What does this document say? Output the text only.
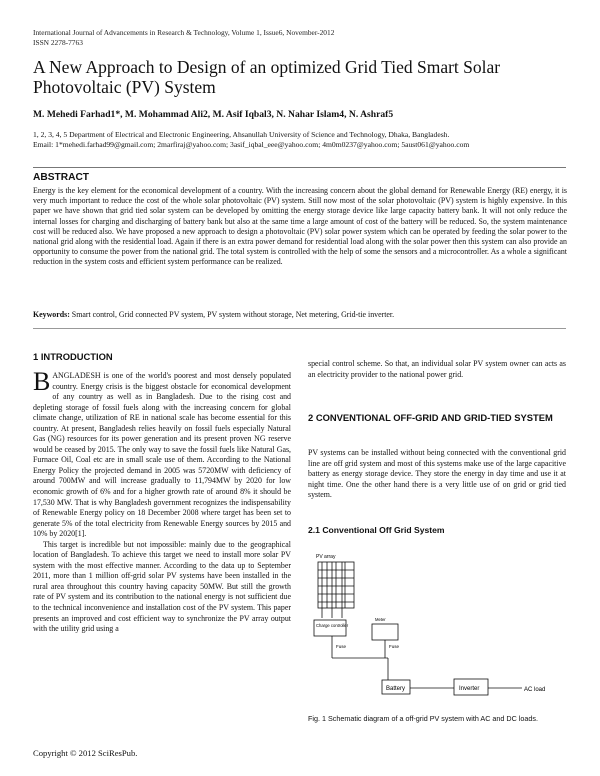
International Journal of Advancements in Research & Technology, Volume 1, Issue6, November-2012
ISSN 2278-7763
A New Approach to Design of an optimized Grid Tied Smart Solar Photovoltaic (PV) System
M. Mehedi Farhad1*, M. Mohammad Ali2, M. Asif Iqbal3, N. Nahar Islam4, N. Ashraf5
1, 2, 3, 4, 5 Department of Electrical and Electronic Engineering, Ahsanullah University of Science and Technology, Dhaka, Bangladesh.
Email: 1*mehedi.farhad99@gmail.com; 2marfiraj@yahoo.com; 3asif_iqbal_eee@yahoo.com; 4m0m0237@yahoo.com; 5aust061@yahoo.com
ABSTRACT
Energy is the key element for the economical development of a country. With the increasing concern about the global demand for Renewable Energy (RE) energy, it is very much important to reduce the cost of the whole solar photovoltaic (PV) system. Still now most of the solar photovoltaic (PV) system is highly expensive. In this paper we have shown that grid tied solar system can be developed by omitting the energy storage device like large capacity battery bank. It will not only reduce the internal losses for charging and discharging of battery bank but also at the same time a large amount of cost of the battery will be reduced. So, the system maintenance cost will be reduced also. We have proposed a new approach to design a photovoltaic (PV) solar power system which can be operated by feeding the solar power to the national grid along with the residential load. Again if there is an extra power demand for residential load along with the solar power then this system can also provide an opportunity to consume the power from the national grid. The total system is controlled with the help of some the sensors and a microcontroller. As a whole a significant reduction in the system costs and efficient system performance can be realized.
Keywords: Smart control, Grid connected PV system, PV system without storage, Net metering, Grid-tie inverter.
1 INTRODUCTION

BANGLADESH is one of the world's poorest and most densely populated country. Energy crisis is the biggest obstacle for economical development of any country as well as in Bangladesh. Due to the rising cost and depleting storage of fossil fuels along with the increasing concern for global climate change, utilization of RE in national scale has become essential for this country. At present, Bangladesh relies heavily on fossil fuels especially Natural Gas (NG) resources for its power generation and its present proven NG reserve would be ceased by 2015. The only way to save the fossil fuels like Natural Gas, Furnace Oil, Coal etc are in small scale use of them. According to the National Energy Policy the projected demand in 2005 was 5720MW with deficiency of around 700MW and will increase gradually to 11,794MW by 2020 for low economic growth of 6% and for a higher growth rate of around 8% it should be 17,530 MW. That is why Bangladesh government recognizes the indispensability of Renewable Energy policy on 18 December 2008 where target has been set to generate 5% of the total electricity from Renewable Energy sources by 2015 and 10% by 2020[1].

This target is incredible but not impossible: mainly due to the geographical location of Bangladesh. To achieve this target we need to install more solar PV system with the most effective manner. According to the data up to September 2011, more than 1 million off-grid solar PV systems have been installed in the rural area throughout this country having capacity 50MW. But still the growth rate of PV system and its contribution to the national energy is not sufficient due to the technical inconvenience and installation cost of the PV system. This paper presents an improved and cost efficient way to synchronize the PV array output with the utility grid using a

special control scheme. So that, an individual solar PV system owner can acts as an electricity provider to the national power grid.
2 CONVENTIONAL OFF-GRID AND GRID-TIED SYSTEM
PV systems can be installed without being connected with the conventional grid line are off grid system and most of this systems make use of the large capacitive battery as energy storage device. They store the energy in day time and use it at night time. One the other hand there is a very little use of on grid or grid tied system.
2.1 Conventional Off Grid System
PV array
Charge controller
Meter
Fuse	Fuse
Battery	Inverter	AC load
Fig. 1 Schematic diagram of a off-grid PV system with AC and DC loads.
Copyright © 2012 SciResPub.
